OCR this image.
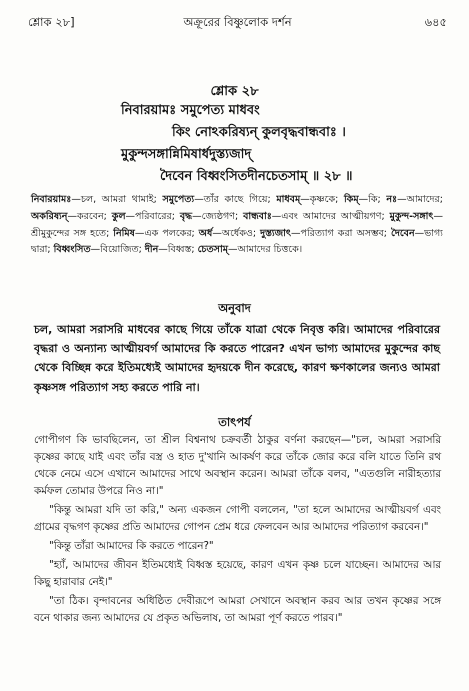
শ্লোক ২৮]	অক্রূরের বিষ্ণুলোক দর্শন	৬৪৫
শ্লোক ২৮
নিবারয়ামঃ সমুপেত্য মাধবং
কিং নোঽকরিষ্যন্ কুলবৃদ্ধবান্ধবাঃ ।
মুকুন্দসঙ্গান্নিমিষার্ধদুস্ত্যজাদ্
দৈবেন বিধ্বংসিতদীনচেতসাম্ ॥ ২৮ ॥
নিবারয়ামঃ—চল, আমরা থামাই; সমুপেত্য—তাঁর কাছে গিয়ে; মাধবম্—কৃষ্ণকে; কিম্—কি; নঃ—আমাদের; অকরিষ্যন্—করবেন; কুল—পরিবারের; বৃদ্ধ—জ্যেষ্ঠগণ; বান্ধবাঃ—এবং আমাদের আত্মীয়গণ; মুকুন্দ-সঙ্গাৎ—শ্রীমুকুন্দের সঙ্গ হতে; নিমিষ—এক পলকের; অর্ধ—অর্ধেকও; দুস্ত্যজাৎ—পরিত্যাগ করা অসম্ভব; দৈবেন—ভাগ্য দ্বারা; বিধ্বংসিত—বিয়োজিত; দীন—বিধ্বস্ত; চেতসাম্—আমাদের চিত্তকে।
অনুবাদ
চল, আমরা সরাসরি মাধবের কাছে গিয়ে তাঁকে যাত্রা থেকে নিবৃত্ত করি। আমাদের পরিবারের বৃদ্ধরা ও অন্যান্য আত্মীয়বর্গ আমাদের কি করতে পারেন? এখন ভাগ্য আমাদের মুকুন্দের কাছ থেকে বিচ্ছিন্ন করে ইতিমধ্যেই আমাদের হৃদয়কে দীন করেছে, কারণ ক্ষণকালের জন্যও আমরা কৃষ্ণসঙ্গ পরিত্যাগ সহ্য করতে পারি না।
তাৎপর্য

গোপীগণ কি ভাবছিলেন, তা শ্রীল বিশ্বনাথ চক্রবর্তী ঠাকুর বর্ণনা করছেন—"চল, আমরা সরাসরি কৃষ্ণের কাছে যাই এবং তাঁর বস্ত্র ও হাত দু'খানি আকর্ষণ করে তাঁকে জোর করে বলি যাতে তিনি রথ থেকে নেমে এসে এখানে আমাদের সাথে অবস্থান করেন। আমরা তাঁকে বলব, "এতগুলি নারীহত্যার কর্মফল তোমার উপরে নিও না।"

"কিন্তু আমরা যদি তা করি," অন্য একজন গোপী বললেন, "তা হলে আমাদের আত্মীয়বর্গ এবং গ্রামের বৃদ্ধগণ কৃষ্ণের প্রতি আমাদের গোপন প্রেম ধরে ফেলবেন আর আমাদের পরিত্যাগ করবেন।"

"কিন্তু তাঁরা আমাদের কি করতে পারেন?"

"হ্যাঁ, আমাদের জীবন ইতিমধ্যেই বিধ্বস্ত হয়েছে, কারণ এখন কৃষ্ণ চলে যাচ্ছেন। আমাদের আর কিছু হারাবার নেই।"

"তা ঠিক। বৃন্দাবনের অধিষ্ঠিত দেবীরূপে আমরা সেখানে অবস্থান করব আর তখন কৃষ্ণের সঙ্গে বনে থাকার জন্য আমাদের যে প্রকৃত অভিলাষ, তা আমরা পূর্ণ করতে পারব।"
